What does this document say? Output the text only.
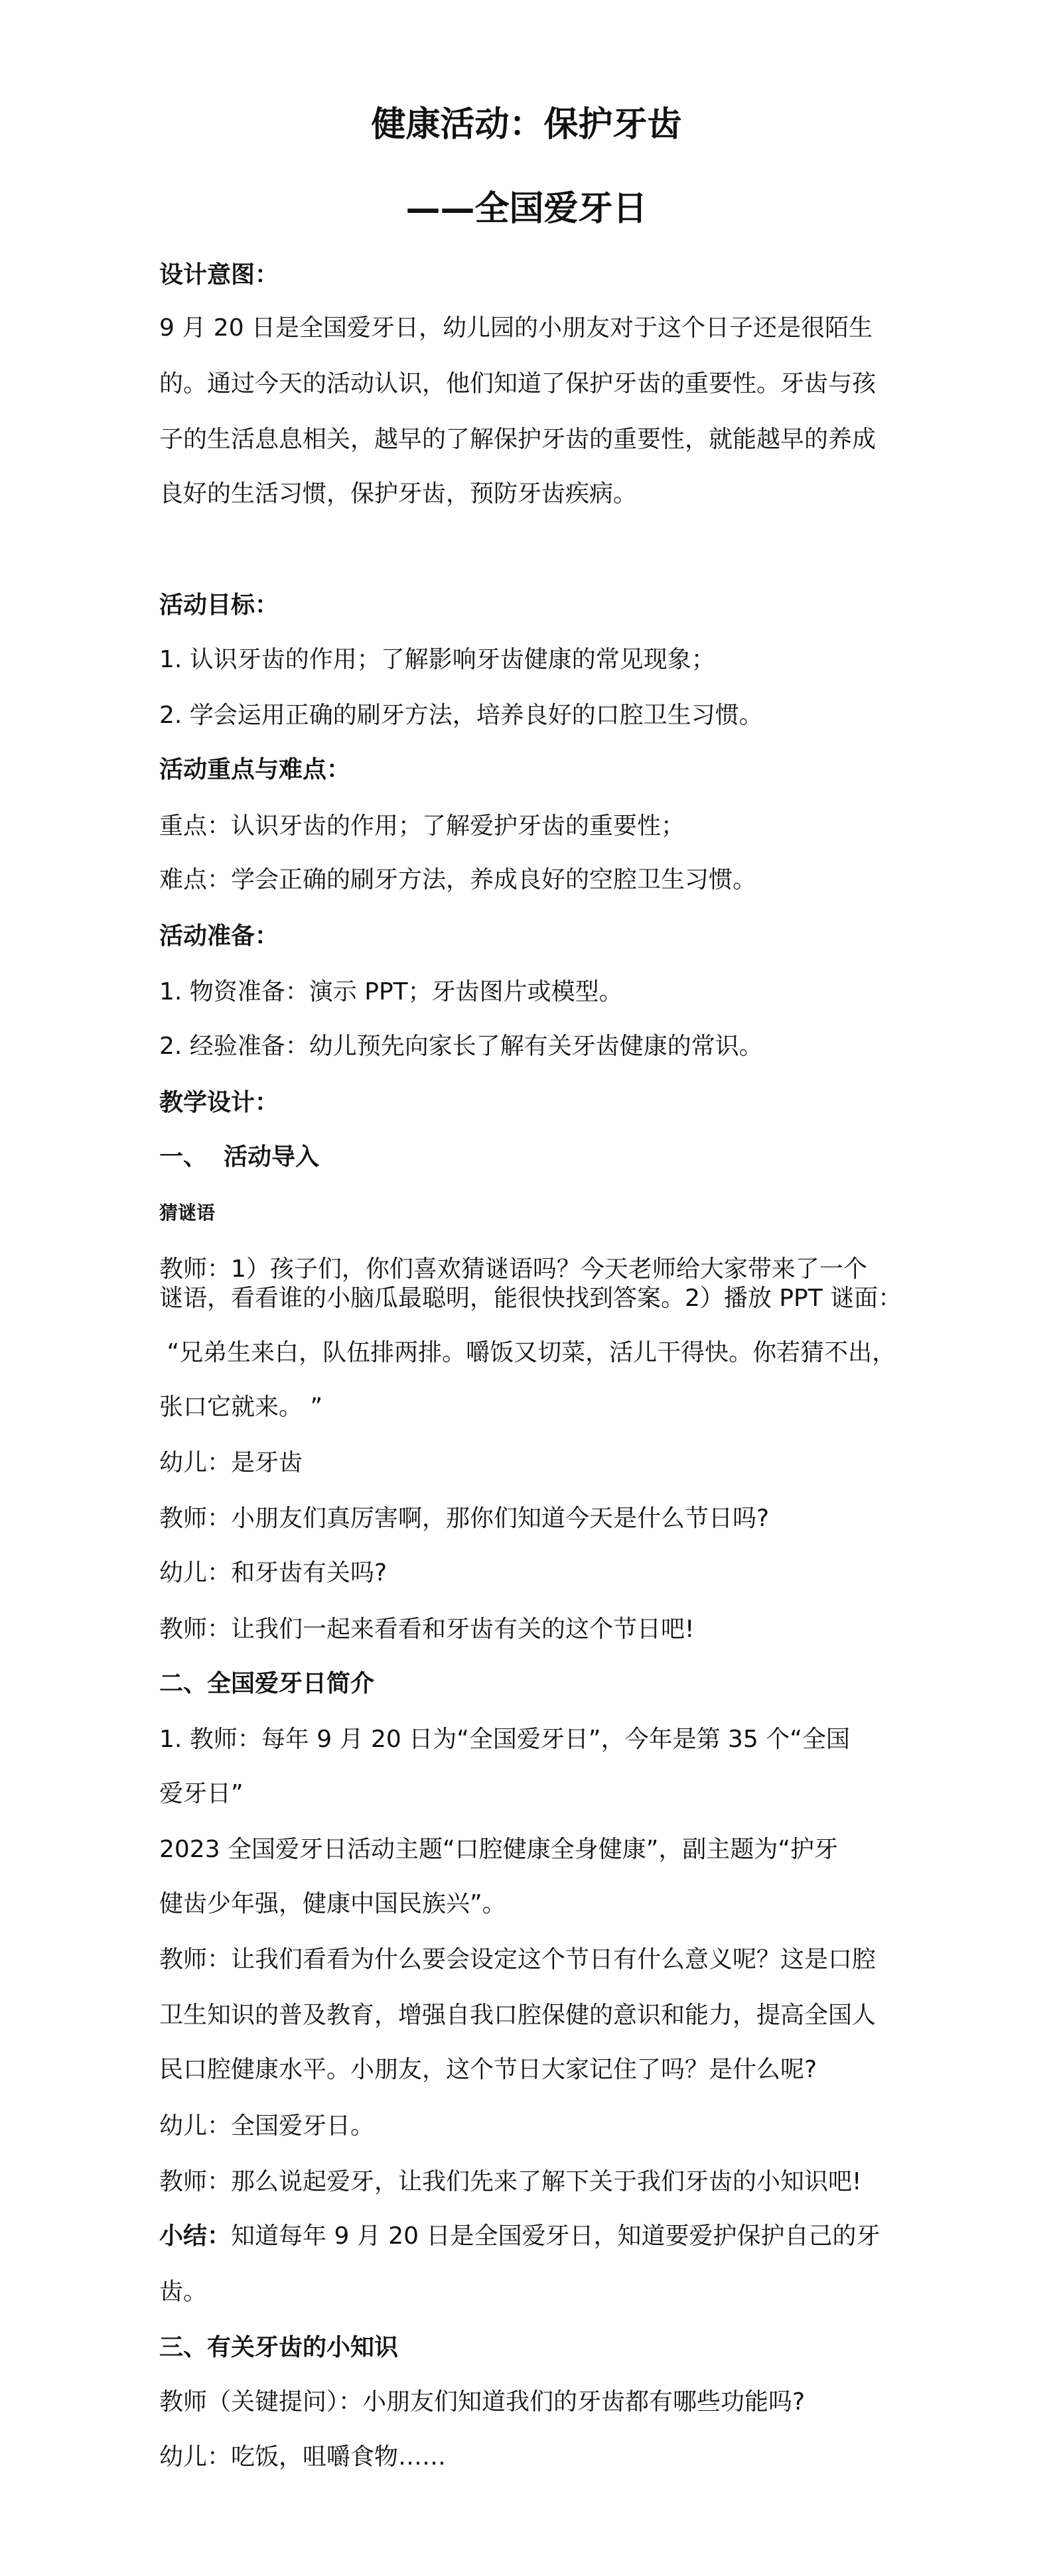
健康活动：保护牙齿
——全国爱牙日
设计意图：
9 月 20 日是全国爱牙日，幼儿园的小朋友对于这个日子还是很陌生
的。通过今天的活动认识，他们知道了保护牙齿的重要性。牙齿与孩
子的生活息息相关，越早的了解保护牙齿的重要性，就能越早的养成
良好的生活习惯，保护牙齿，预防牙齿疾病。
活动目标：
1. 认识牙齿的作用；了解影响牙齿健康的常见现象；
2. 学会运用正确的刷牙方法，培养良好的口腔卫生习惯。
活动重点与难点：
重点：认识牙齿的作用；了解爱护牙齿的重要性；
难点：学会正确的刷牙方法，养成良好的空腔卫生习惯。
活动准备：
1. 物资准备：演示 PPT；牙齿图片或模型。
2. 经验准备：幼儿预先向家长了解有关牙齿健康的常识。
教学设计：
一、  活动导入
猜谜语
教师：1）孩子们，你们喜欢猜谜语吗？今天老师给大家带来了一个
谜语，看看谁的小脑瓜最聪明，能很快找到答案。2）播放 PPT 谜面：
“兄弟生来白，队伍排两排。嚼饭又切菜，活儿干得快。你若猜不出，
张口它就来。 ”
幼儿：是牙齿
教师：小朋友们真厉害啊，那你们知道今天是什么节日吗?
幼儿：和牙齿有关吗?
教师：让我们一起来看看和牙齿有关的这个节日吧!
二、全国爱牙日简介
1. 教师：每年 9 月 20 日为“全国爱牙日”，今年是第 35 个“全国
爱牙日”
2023 全国爱牙日活动主题“口腔健康全身健康”，副主题为“护牙
健齿少年强，健康中国民族兴”。
教师：让我们看看为什么要会设定这个节日有什么意义呢？这是口腔
卫生知识的普及教育，增强自我口腔保健的意识和能力，提高全国人
民口腔健康水平。小朋友，这个节日大家记住了吗？是什么呢?
幼儿：全国爱牙日。
教师：那么说起爱牙，让我们先来了解下关于我们牙齿的小知识吧!
小结：知道每年 9 月 20 日是全国爱牙日，知道要爱护保护自己的牙
齿。
三、有关牙齿的小知识
教师（关键提问）：小朋友们知道我们的牙齿都有哪些功能吗?
幼儿：吃饭，咀嚼食物……
